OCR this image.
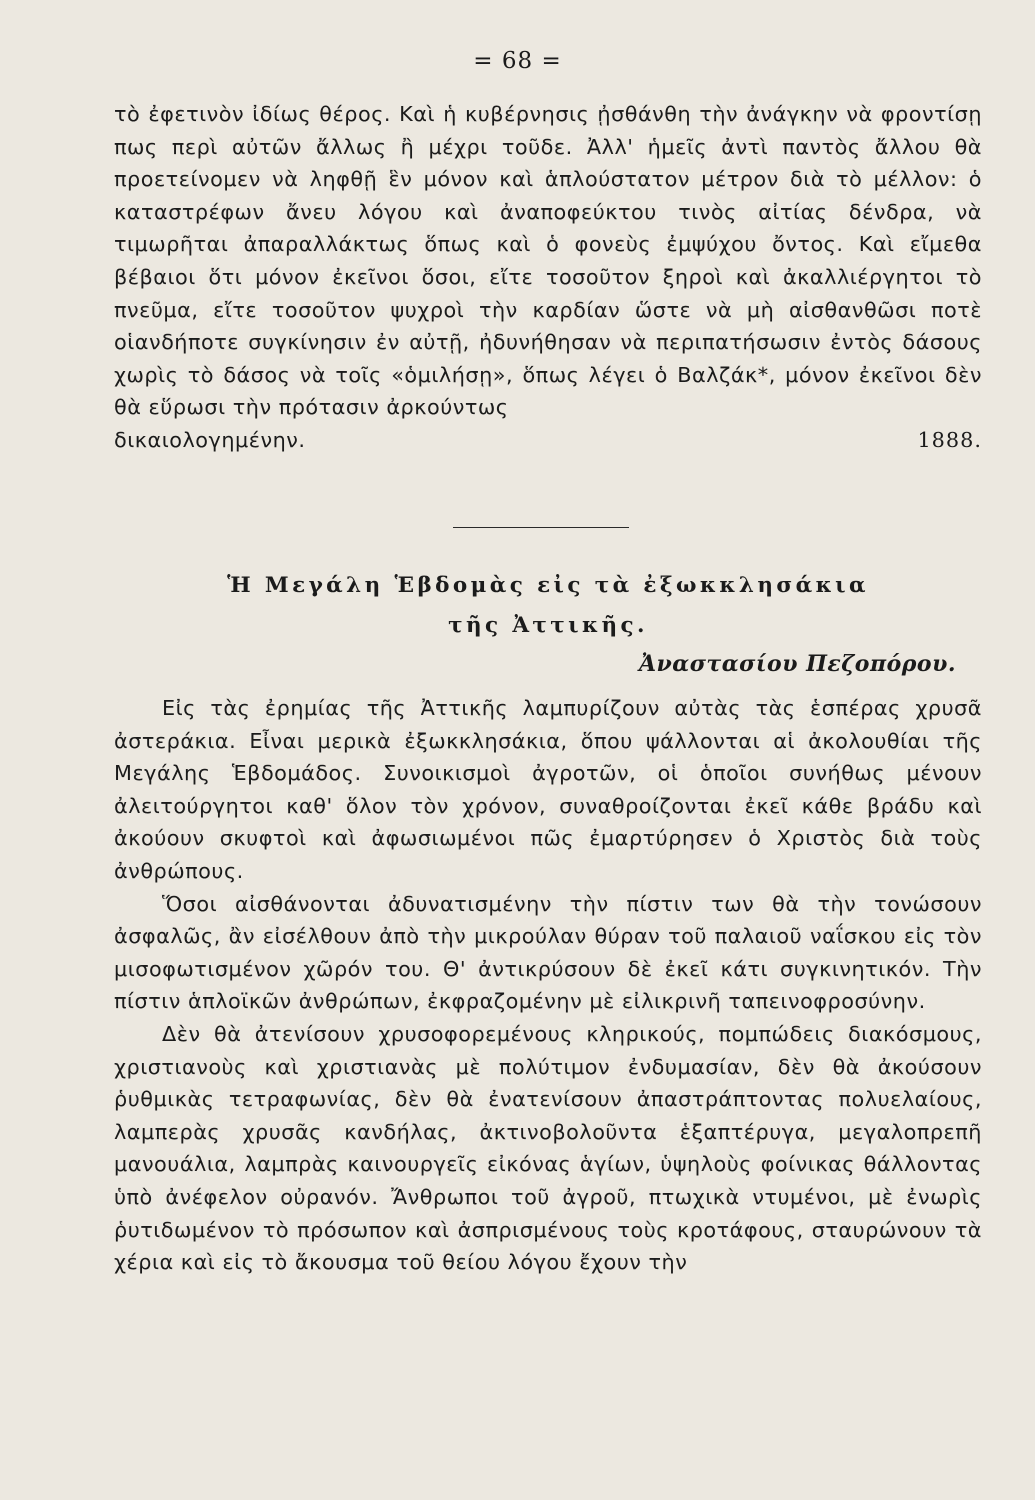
= 68 =

τὸ ἐφετινὸν ἰδίως θέρος. Καὶ ἡ κυβέρνησις ᾐσθάνθη τὴν ἀνάγκην νὰ φροντίσῃ πως περὶ αὐτῶν ἄλλως ἢ μέχρι τοῦδε. Ἀλλ' ἡμεῖς ἀντὶ παντὸς ἄλλου θὰ προετείνομεν νὰ ληφθῇ ἓν μόνον καὶ ἁπλούστατον μέτρον διὰ τὸ μέλλον: ὁ καταστρέφων ἄνευ λόγου καὶ ἀναποφεύκτου τινὸς αἰτίας δένδρα, νὰ τιμωρῆται ἀπαραλλάκτως ὅπως καὶ ὁ φονεὺς ἐμψύχου ὄντος. Καὶ εἴμεθα βέβαιοι ὅτι μόνον ἐκεῖνοι ὅσοι, εἴτε τοσοῦτον ξηροὶ καὶ ἀκαλλιέργητοι τὸ πνεῦμα, εἴτε τοσοῦτον ψυχροὶ τὴν καρδίαν ὥστε νὰ μὴ αἰσθανθῶσι ποτὲ οἱανδήποτε συγκίνησιν ἐν αὐτῇ, ἠδυνήθησαν νὰ περιπατήσωσιν ἐντὸς δάσους χωρὶς τὸ δάσος νὰ τοῖς «ὁμιλήσῃ», ὅπως λέγει ὁ Βαλζάκ*, μόνον ἐκεῖνοι δὲν θὰ εὕρωσι τὴν πρότασιν ἀρκούντως

δικαιολογημένην.	1888.
Ἡ Μεγάλη Ἑβδομὰς εἰς τὰ ἐξωκκλησάκια
τῆς Ἀττικῆς.
Ἀναστασίου Πεζοπόρου.

Εἰς τὰς ἐρημίας τῆς Ἀττικῆς λαμπυρίζουν αὐτὰς τὰς ἑσπέρας χρυσᾶ ἀστεράκια. Εἶναι μερικὰ ἐξωκκλησάκια, ὅπου ψάλλονται αἱ ἀκολουθίαι τῆς Μεγάλης Ἑβδομάδος. Συνοικισμοὶ ἀγροτῶν, οἱ ὁποῖοι συνήθως μένουν ἀλειτούργητοι καθ' ὅλον τὸν χρόνον, συναθροίζονται ἐκεῖ κάθε βράδυ καὶ ἀκούουν σκυφτοὶ καὶ ἀφωσιωμένοι πῶς ἐμαρτύρησεν ὁ Χριστὸς διὰ τοὺς ἀνθρώπους.

Ὅσοι αἰσθάνονται ἀδυνατισμένην τὴν πίστιν των θὰ τὴν τονώσουν ἀσφαλῶς, ἂν εἰσέλθουν ἀπὸ τὴν μικρούλαν θύραν τοῦ παλαιοῦ ναΐσκου εἰς τὸν μισοφωτισμένον χῶρόν του. Θ' ἀντικρύσουν δὲ ἐκεῖ κάτι συγκινητικόν. Τὴν πίστιν ἁπλοϊκῶν ἀνθρώπων, ἐκφραζομένην μὲ εἰλικρινῆ ταπεινοφροσύνην.

Δὲν θὰ ἀτενίσουν χρυσοφορεμένους κληρικούς, πομπώδεις διακόσμους, χριστιανοὺς καὶ χριστιανὰς μὲ πολύτιμον ἐνδυμασίαν, δὲν θὰ ἀκούσουν ῥυθμικὰς τετραφωνίας, δὲν θὰ ἐνατενίσουν ἀπαστράπτοντας πολυελαίους, λαμπερὰς χρυσᾶς κανδήλας, ἀκτινοβολοῦντα ἑξαπτέρυγα, μεγαλοπρεπῆ μανουάλια, λαμπρὰς καινουργεῖς εἰκόνας ἁγίων, ὑψηλοὺς φοίνικας θάλλοντας ὑπὸ ἀνέφελον οὐρανόν. Ἄνθρωποι τοῦ ἀγροῦ, πτωχικὰ ντυμένοι, μὲ ἐνωρὶς ῥυτιδωμένον τὸ πρόσωπον καὶ ἀσπρισμένους τοὺς κροτάφους, σταυρώνουν τὰ χέρια καὶ εἰς τὸ ἄκουσμα τοῦ θείου λόγου ἔχουν τὴν
